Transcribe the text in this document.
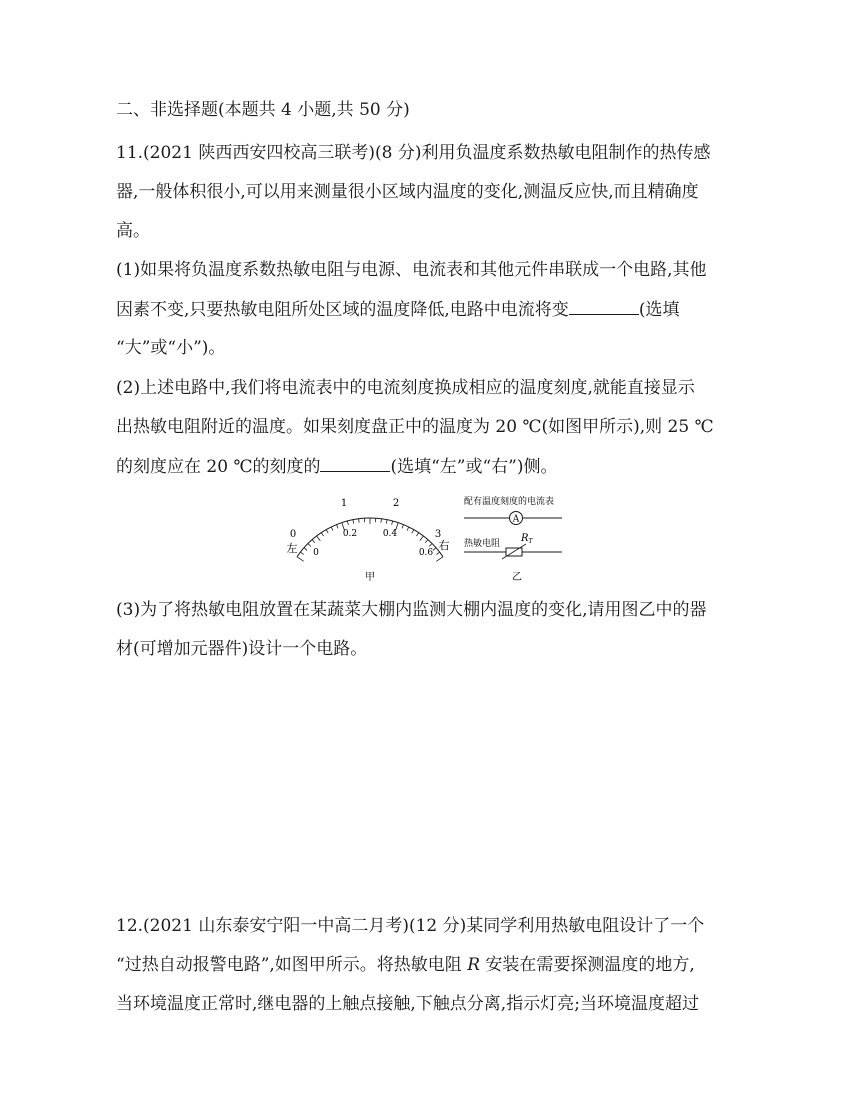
二、非选择题(本题共 4 小题,共 50 分)
11.(2021 陕西西安四校高三联考)(8 分)利用负温度系数热敏电阻制作的热传感
器,一般体积很小,可以用来测量很小区域内温度的变化,测温反应快,而且精确度
高。
(1)如果将负温度系数热敏电阻与电源、电流表和其他元件串联成一个电路,其他
因素不变,只要热敏电阻所处区域的温度降低,电路中电流将变	(选填
“大”或“小”)。
(2)上述电路中,我们将电流表中的电流刻度换成相应的温度刻度,就能直接显示
出热敏电阻附近的温度。如果刻度盘正中的温度为 20 ℃(如图甲所示),则 25 ℃
的刻度应在 20 ℃的刻度的	(选填“左”或“右”)侧。
0
1	2
3
0
0.2	0.4
0.6
左	右
甲
配有温度刻度的电流表
A
热敏电阻 $R_T$
乙
(3)为了将热敏电阻放置在某蔬菜大棚内监测大棚内温度的变化,请用图乙中的器
材(可增加元器件)设计一个电路。
12.(2021 山东泰安宁阳一中高二月考)(12 分)某同学利用热敏电阻设计了一个
“过热自动报警电路”,如图甲所示。将热敏电阻 R 安装在需要探测温度的地方,
当环境温度正常时,继电器的上触点接触,下触点分离,指示灯亮;当环境温度超过
